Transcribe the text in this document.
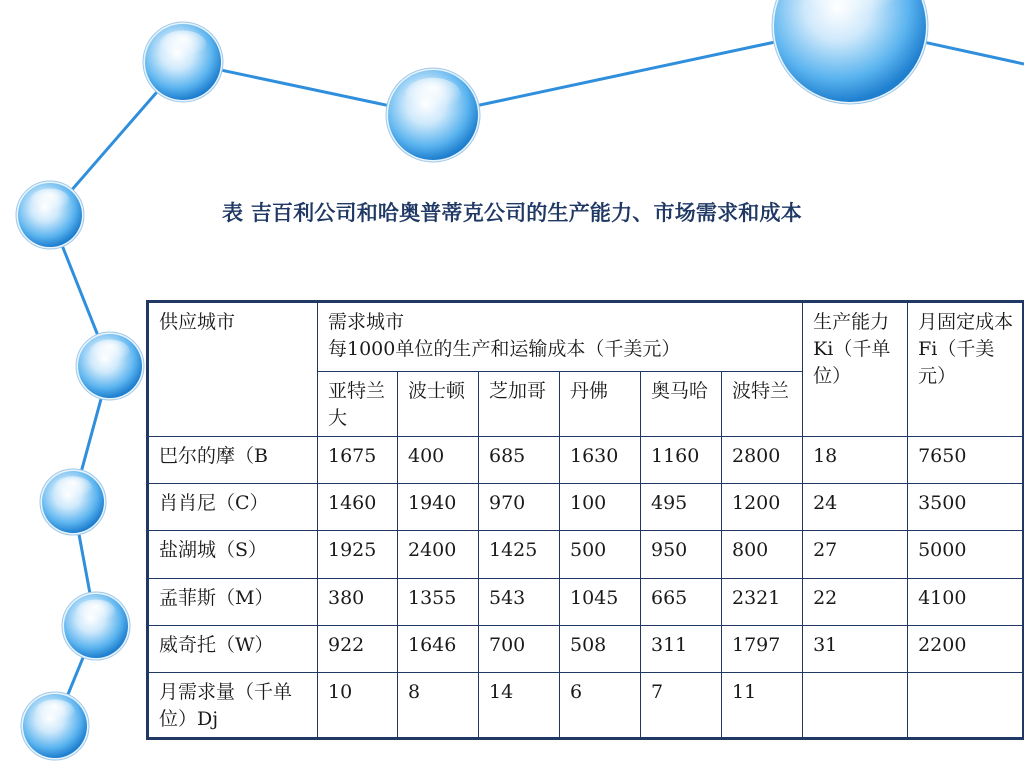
表 吉百利公司和哈奥普蒂克公司的生产能力、市场需求和成本
供应城市	需求城市
每1000单位的生产和运输成本（千美元）						生产能力Ki（千单位）	月固定成本Fi（千美元）
	亚特兰大	波士顿	芝加哥	丹佛	奥马哈	波特兰		
巴尔的摩（B	1675	400	685	1630	1160	2800	18	7650
肖肖尼（C）	1460	1940	970	100	495	1200	24	3500
盐湖城（S）	1925	2400	1425	500	950	800	27	5000
孟菲斯（M）	380	1355	543	1045	665	2321	22	4100
威奇托（W）	922	1646	700	508	311	1797	31	2200
月需求量（千单位）Dj	10	8	14	6	7	11		
